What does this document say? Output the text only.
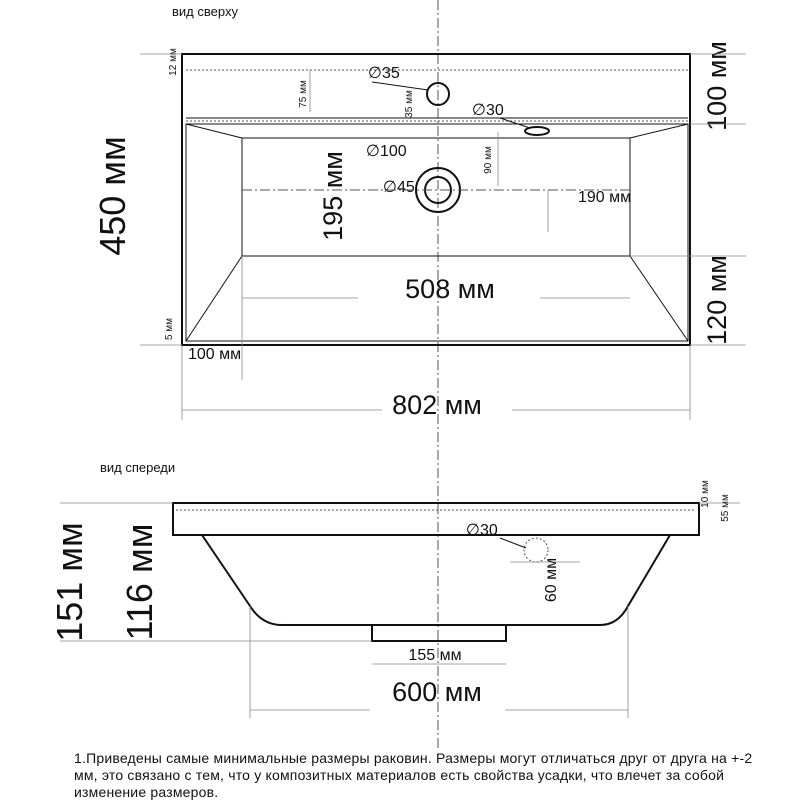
вид сверху
∅35
∅30
∅100
∅45
450 мм
12 мм
5 мм
75 мм	35 мм
90 мм
195 мм	190 мм
508 мм
100 мм
120 мм
100 мм
802 мм
вид спереди
∅30
60 мм
10 мм
55 мм
151 мм 116 мм
155 мм
600 мм
1.Приведены самые минимальные размеры раковин. Размеры могут отличаться друг от друга на +-2 мм, это связано с тем, что у композитных материалов есть свойства усадки, что влечет за собой изменение размеров.
